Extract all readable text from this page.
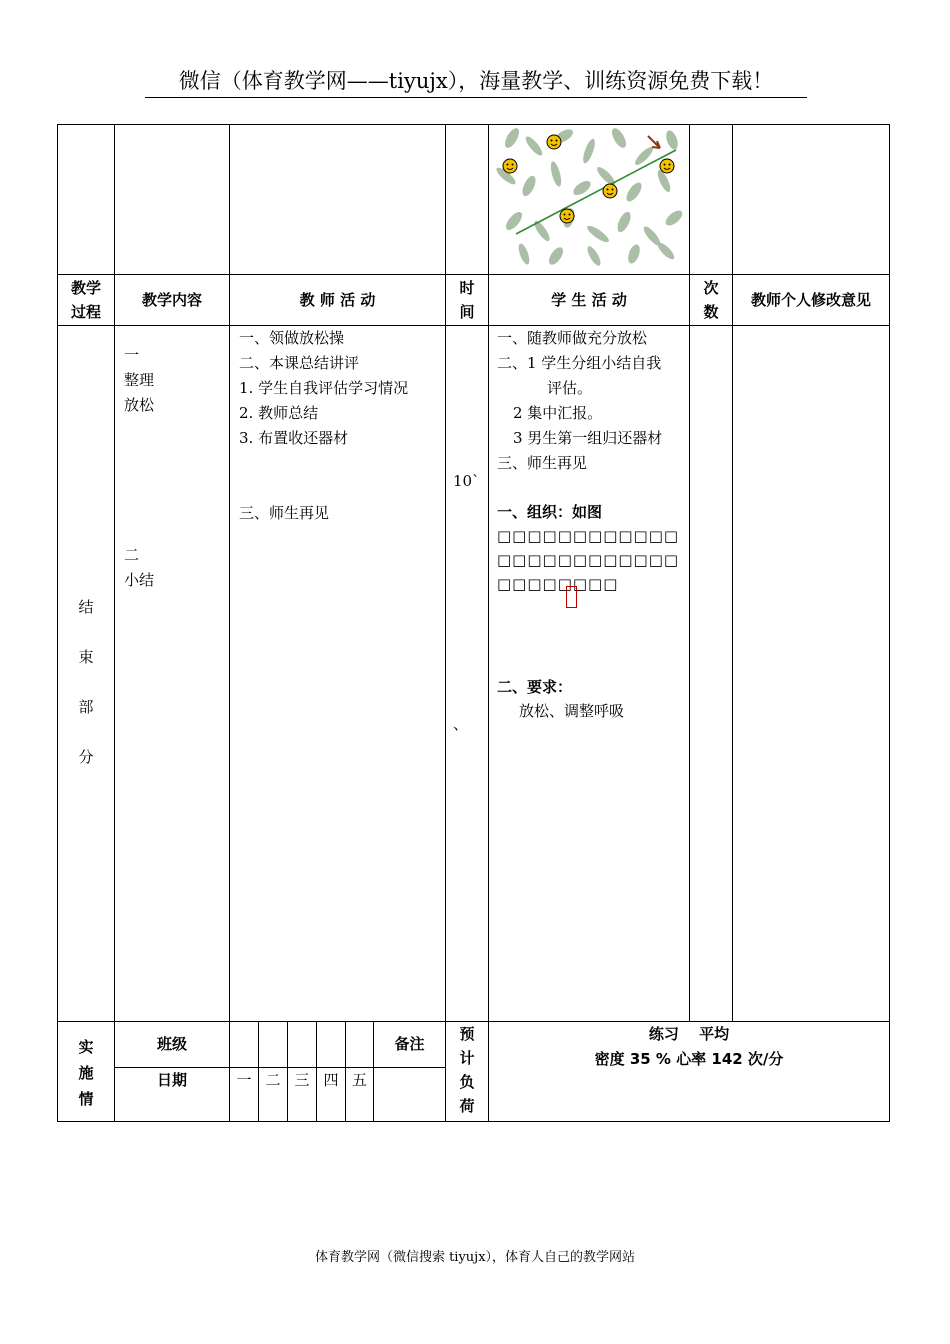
微信（体育教学网——tiyujx），海量教学、训练资源免费下载！
教学
过程
教学内容	教 师 活 动
时
间
学 生 活 动
次
数
教师个人修改意见
结
束
部
分
一
整理
放松
二
小结
一、领做放松操
二、本课总结讲评
1. 学生自我评估学习情况
2. 教师总结
3. 布置收还器材
三、师生再见
10`
、
一、随教师做充分放松
二、1 学生分组小结自我
评估。
2 集中汇报。
3 男生第一组归还器材
三、师生再见
一、组织：如图
□□□□□□□□□□□□□□□□□□□□□□□□□□□□□□□□
二、要求：
放松、调整呼吸
实
施
情
班级
日期	一 二 三 四 五
备注
预
计
负
荷
练习　 平均
密度 35 % 心率 142 次/分
体育教学网（微信搜索 tiyujx），体育人自己的教学网站
